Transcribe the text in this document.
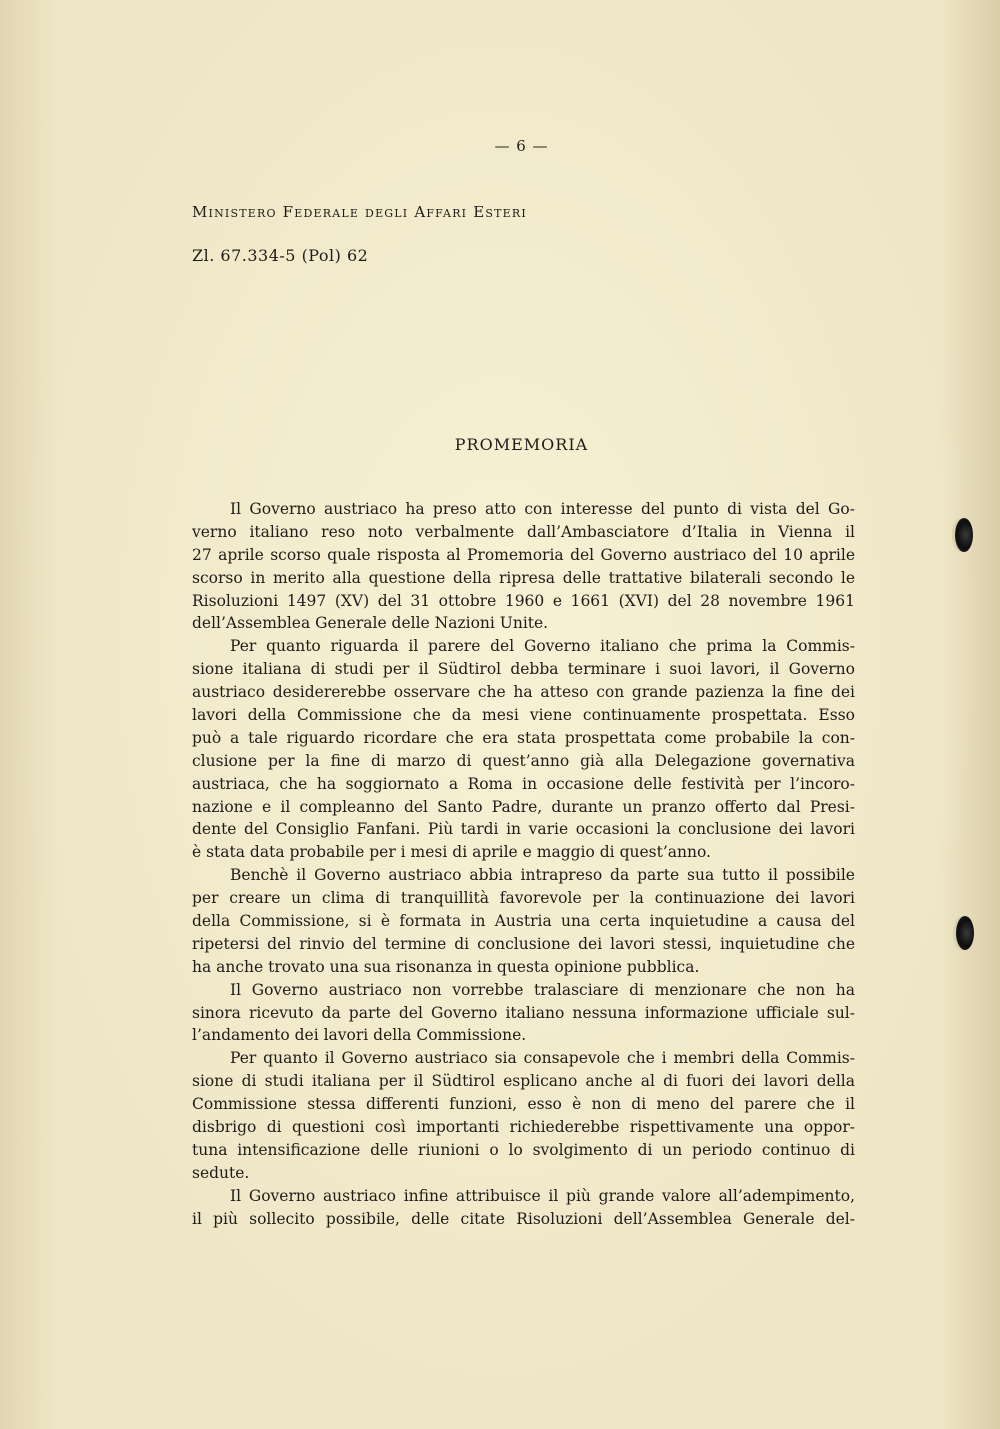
— 6 —
Ministero Federale degli Affari Esteri
Zl. 67.334-5 (Pol) 62
PROMEMORIA
Il Governo austriaco ha preso atto con interesse del punto di vista del Go-
verno italiano reso noto verbalmente dall’Ambasciatore d’Italia in Vienna il
27 aprile scorso quale risposta al Promemoria del Governo austriaco del 10 aprile
scorso in merito alla questione della ripresa delle trattative bilaterali secondo le
Risoluzioni 1497 (XV) del 31 ottobre 1960 e 1661 (XVI) del 28 novembre 1961
dell’Assemblea Generale delle Nazioni Unite.
Per quanto riguarda il parere del Governo italiano che prima la Commis-
sione italiana di studi per il Südtirol debba terminare i suoi lavori, il Governo
austriaco desidererebbe osservare che ha atteso con grande pazienza la fine dei
lavori della Commissione che da mesi viene continuamente prospettata. Esso
può a tale riguardo ricordare che era stata prospettata come probabile la con-
clusione per la fine di marzo di quest’anno già alla Delegazione governativa
austriaca, che ha soggiornato a Roma in occasione delle festività per l’incoro-
nazione e il compleanno del Santo Padre, durante un pranzo offerto dal Presi-
dente del Consiglio Fanfani. Più tardi in varie occasioni la conclusione dei lavori
è stata data probabile per i mesi di aprile e maggio di quest’anno.
Benchè il Governo austriaco abbia intrapreso da parte sua tutto il possibile
per creare un clima di tranquillità favorevole per la continuazione dei lavori
della Commissione, si è formata in Austria una certa inquietudine a causa del
ripetersi del rinvio del termine di conclusione dei lavori stessi, inquietudine che
ha anche trovato una sua risonanza in questa opinione pubblica.
Il Governo austriaco non vorrebbe tralasciare di menzionare che non ha
sinora ricevuto da parte del Governo italiano nessuna informazione ufficiale sul-
l’andamento dei lavori della Commissione.
Per quanto il Governo austriaco sia consapevole che i membri della Commis-
sione di studi italiana per il Südtirol esplicano anche al di fuori dei lavori della
Commissione stessa differenti funzioni, esso è non di meno del parere che il
disbrigo di questioni così importanti richiederebbe rispettivamente una oppor-
tuna intensificazione delle riunioni o lo svolgimento di un periodo continuo di
sedute.
Il Governo austriaco infine attribuisce il più grande valore all’adempimento,
il più sollecito possibile, delle citate Risoluzioni dell’Assemblea Generale del-
